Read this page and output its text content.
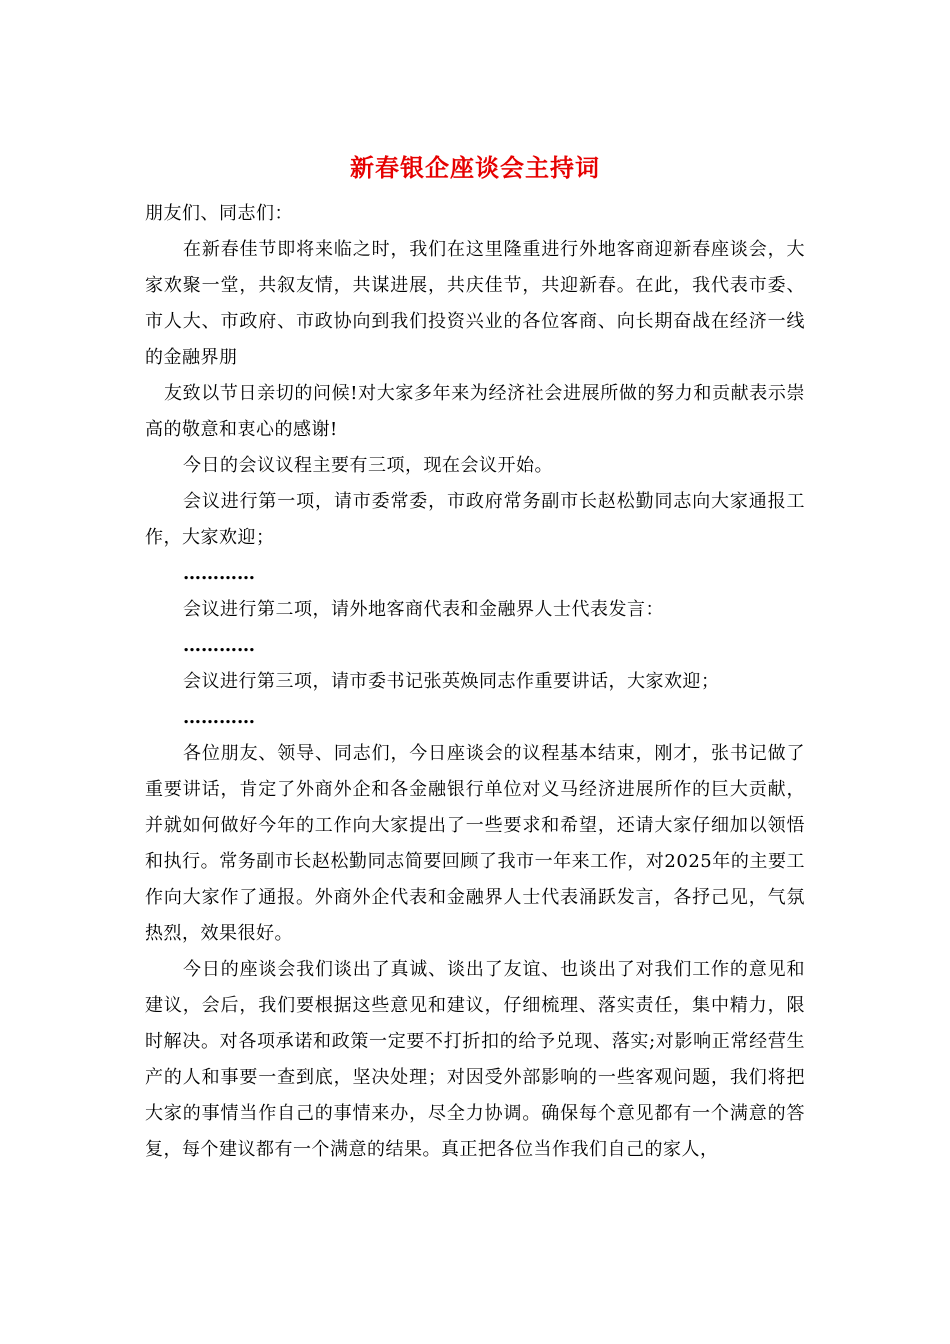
新春银企座谈会主持词

朋友们、同志们：

在新春佳节即将来临之时，我们在这里隆重进行外地客商迎新春座谈会，大家欢聚一堂，共叙友情，共谋进展，共庆佳节，共迎新春。在此，我代表市委、市人大、市政府、市政协向到我们投资兴业的各位客商、向长期奋战在经济一线的金融界朋

友致以节日亲切的问候!对大家多年来为经济社会进展所做的努力和贡献表示崇高的敬意和衷心的感谢!

今日的会议议程主要有三项，现在会议开始。

会议进行第一项，请市委常委，市政府常务副市长赵松勤同志向大家通报工作，大家欢迎；

…………

会议进行第二项，请外地客商代表和金融界人士代表发言：

…………

会议进行第三项，请市委书记张英焕同志作重要讲话，大家欢迎；

…………

各位朋友、领导、同志们，今日座谈会的议程基本结束，刚才，张书记做了重要讲话，肯定了外商外企和各金融银行单位对义马经济进展所作的巨大贡献，并就如何做好今年的工作向大家提出了一些要求和希望，还请大家仔细加以领悟和执行。常务副市长赵松勤同志简要回顾了我市一年来工作，对2025年的主要工作向大家作了通报。外商外企代表和金融界人士代表涌跃发言，各抒己见，气氛热烈，效果很好。

今日的座谈会我们谈出了真诚、谈出了友谊、也谈出了对我们工作的意见和建议，会后，我们要根据这些意见和建议，仔细梳理、落实责任，集中精力，限时解决。对各项承诺和政策一定要不打折扣的给予兑现、落实;对影响正常经营生产的人和事要一查到底，坚决处理；对因受外部影响的一些客观问题，我们将把大家的事情当作自己的事情来办，尽全力协调。确保每个意见都有一个满意的答复，每个建议都有一个满意的结果。真正把各位当作我们自己的家人，
